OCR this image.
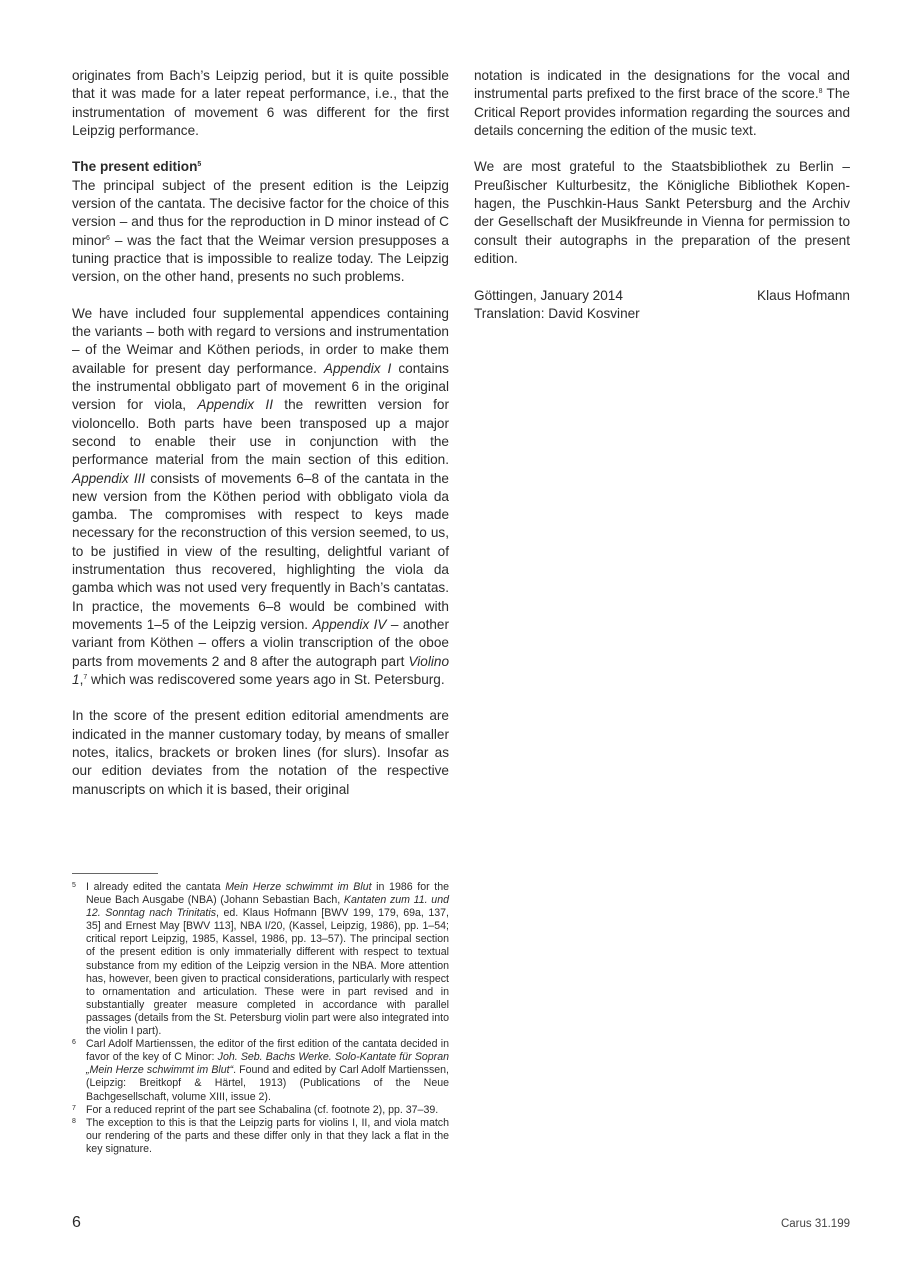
originates from Bach’s Leipzig period, but it is quite possible that it was made for a later repeat performance, i.e., that the instrumentation of movement 6 was different for the first Leipzig performance.

The present edition$^5$

The principal subject of the present edition is the Leipzig version of the cantata. The decisive factor for the choice of this version – and thus for the reproduction in D minor instead of C minor$^6$ – was the fact that the Weimar version presupposes a tuning practice that is impossible to realize today. The Leipzig version, on the other hand, presents no such problems.

We have included four supplemental appendices containing the variants – both with regard to versions and instrumentation – of the Weimar and Köthen periods, in order to make them available for present day performance. Appendix I contains the instrumental obbligato part of movement 6 in the original version for viola, Appendix II the rewritten version for violoncello. Both parts have been transposed up a major second to enable their use in conjunction with the performance material from the main section of this edition. Appendix III consists of movements 6–8 of the cantata in the new version from the Köthen period with obbligato viola da gamba. The compromises with respect to keys made necessary for the reconstruction of this version seemed, to us, to be justified in view of the resulting, delightful variant of instrumentation thus recovered, highlighting the viola da gamba which was not used very frequently in Bach’s cantatas. In practice, the movements 6–8 would be combined with movements 1–5 of the Leipzig version. Appendix IV – another variant from Köthen – offers a violin transcription of the oboe parts from movements 2 and 8 after the autograph part Violino 1,$^7$ which was rediscovered some years ago in St. Petersburg.

In the score of the present edition editorial amendments are indicated in the manner customary today, by means of smaller notes, italics, brackets or broken lines (for slurs). Insofar as our edition deviates from the notation of the respective manuscripts on which it is based, their original

notation is indicated in the designations for the vocal and instrumental parts prefixed to the first brace of the score.$^8$ The Critical Report provides information regarding the sources and details concerning the edition of the music text.

We are most grateful to the Staatsbibliothek zu Berlin – Preußischer Kulturbesitz, the Königliche Bibliothek Kopenhagen, the Puschkin-Haus Sankt Petersburg and the Archiv der Gesellschaft der Musikfreunde in Vienna for permission to consult their autographs in the preparation of the present edition.

Göttingen, January 2014	Klaus Hofmann

Translation: David Kosviner

5 I already edited the cantata Mein Herze schwimmt im Blut in 1986 for the Neue Bach Ausgabe (NBA) (Johann Sebastian Bach, Kantaten zum 11. und 12. Sonntag nach Trinitatis, ed. Klaus Hofmann [BWV 199, 179, 69a, 137, 35] and Ernest May [BWV 113], NBA I/20, (Kassel, Leipzig, 1986), pp. 1–54; critical report Leipzig, 1985, Kassel, 1986, pp. 13–57). The principal section of the present edition is only immaterially different with respect to textual substance from my edition of the Leipzig version in the NBA. More attention has, however, been given to practical considerations, particularly with respect to ornamentation and articulation. These were in part revised and in substantially greater measure completed in accordance with parallel passages (details from the St. Petersburg violin part were also integrated into the violin I part).

6 Carl Adolf Martienssen, the editor of the first edition of the cantata decided in favor of the key of C Minor: Joh. Seb. Bachs Werke. Solo-Kantate für Sopran „Mein Herze schwimmt im Blut“. Found and edited by Carl Adolf Martienssen, (Leipzig: Breitkopf & Härtel, 1913) (Publications of the Neue Bachgesellschaft, volume XIII, issue 2).

7 For a reduced reprint of the part see Schabalina (cf. footnote 2), pp. 37–39.

8 The exception to this is that the Leipzig parts for violins I, II, and viola match our rendering of the parts and these differ only in that they lack a flat in the key signature.

6	Carus 31.199
